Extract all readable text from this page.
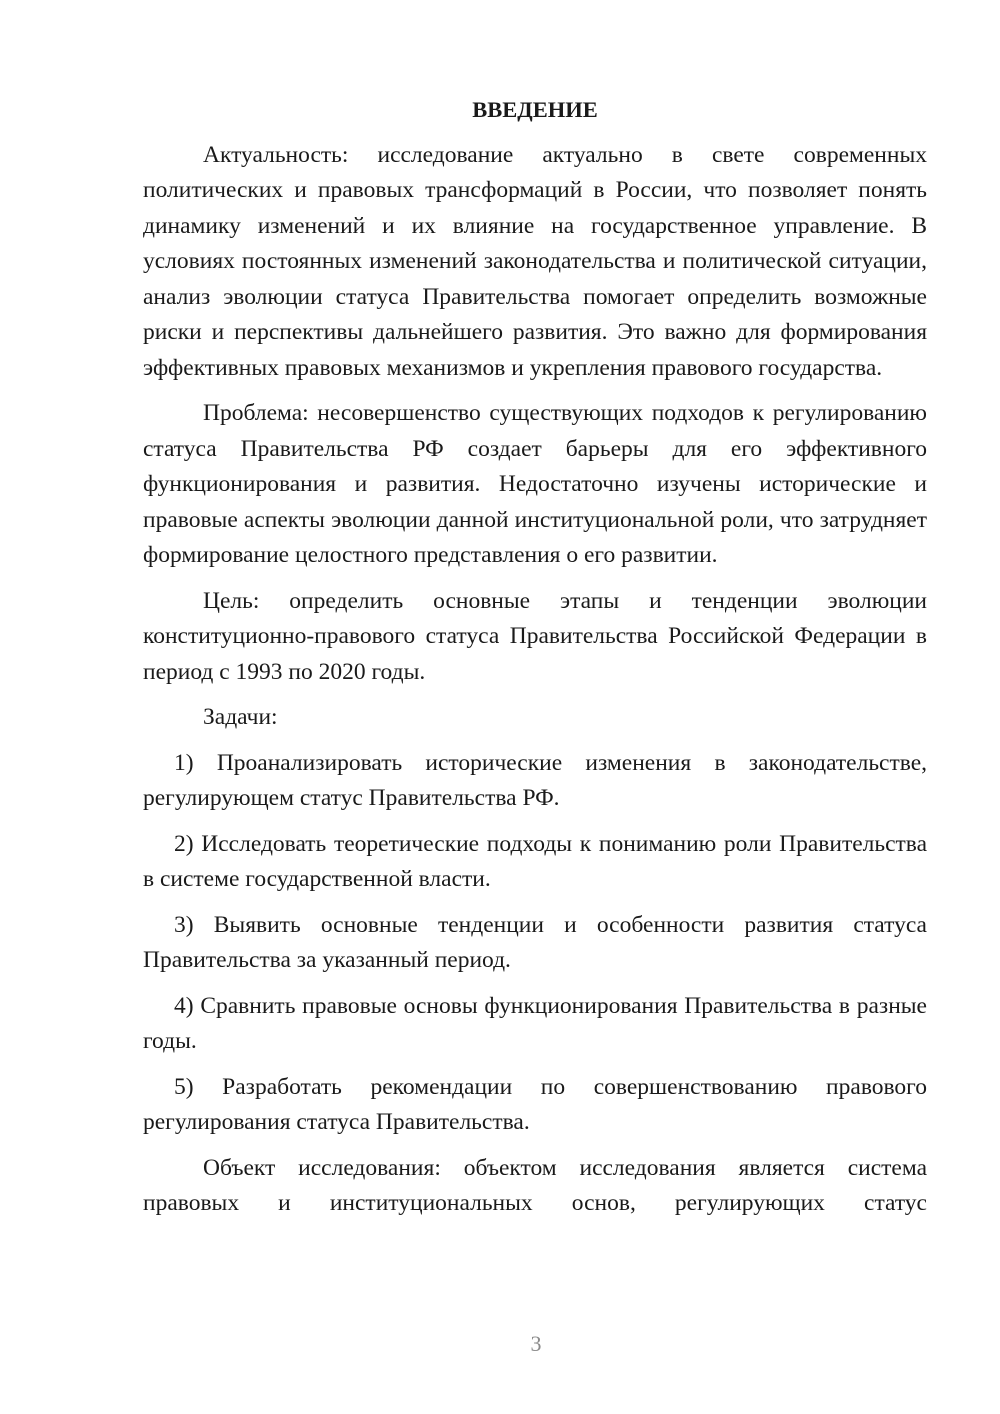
ВВЕДЕНИЕ

Актуальность: исследование актуально в свете современных политических и правовых трансформаций в России, что позволяет понять динамику изменений и их влияние на государственное управление. В условиях постоянных изменений законодательства и политической ситуации, анализ эволюции статуса Правительства помогает определить возможные риски и перспективы дальнейшего развития. Это важно для формирования эффективных правовых механизмов и укрепления правового государства.

Проблема: несовершенство существующих подходов к регулированию статуса Правительства РФ создает барьеры для его эффективного функционирования и развития. Недостаточно изучены исторические и правовые аспекты эволюции данной институциональной роли, что затрудняет формирование целостного представления о его развитии.

Цель: определить основные этапы и тенденции эволюции конституционно-правового статуса Правительства Российской Федерации в период с 1993 по 2020 годы.

Задачи:

1) Проанализировать исторические изменения в законодательстве, регулирующем статус Правительства РФ.

2) Исследовать теоретические подходы к пониманию роли Правительства в системе государственной власти.

3) Выявить основные тенденции и особенности развития статуса Правительства за указанный период.

4) Сравнить правовые основы функционирования Правительства в разные годы.

5) Разработать рекомендации по совершенствованию правового регулирования статуса Правительства.

Объект исследования: объектом исследования является система правовых и институциональных основ, регулирующих статус

3
